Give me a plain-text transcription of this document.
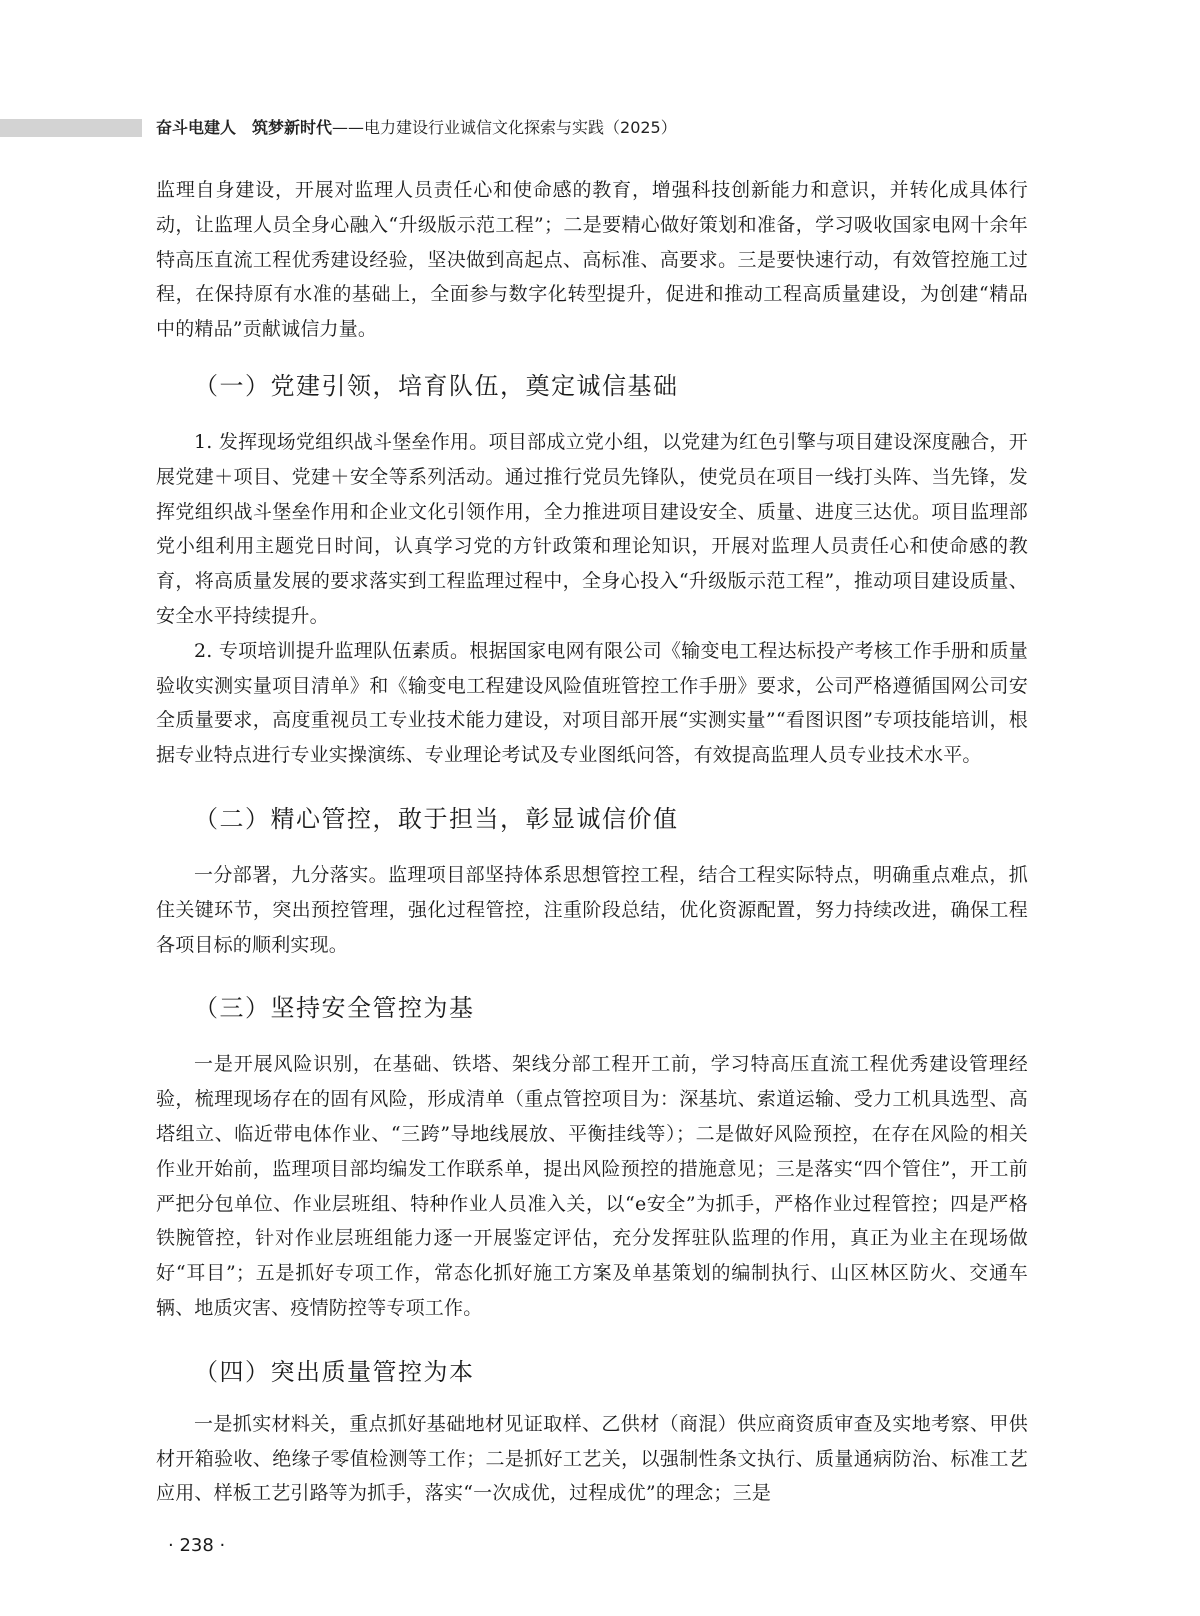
奋斗电建人　筑梦新时代——电力建设行业诚信文化探索与实践（2025）

监理自身建设，开展对监理人员责任心和使命感的教育，增强科技创新能力和意识，并转化成具体行动，让监理人员全身心融入“升级版示范工程”；二是要精心做好策划和准备，学习吸收国家电网十余年特高压直流工程优秀建设经验，坚决做到高起点、高标准、高要求。三是要快速行动，有效管控施工过程，在保持原有水准的基础上，全面参与数字化转型提升，促进和推动工程高质量建设，为创建“精品中的精品”贡献诚信力量。

（一）党建引领，培育队伍，奠定诚信基础

1. 发挥现场党组织战斗堡垒作用。项目部成立党小组，以党建为红色引擎与项目建设深度融合，开展党建＋项目、党建＋安全等系列活动。通过推行党员先锋队，使党员在项目一线打头阵、当先锋，发挥党组织战斗堡垒作用和企业文化引领作用，全力推进项目建设安全、质量、进度三达优。项目监理部党小组利用主题党日时间，认真学习党的方针政策和理论知识，开展对监理人员责任心和使命感的教育，将高质量发展的要求落实到工程监理过程中，全身心投入“升级版示范工程”，推动项目建设质量、安全水平持续提升。

2. 专项培训提升监理队伍素质。根据国家电网有限公司《输变电工程达标投产考核工作手册和质量验收实测实量项目清单》和《输变电工程建设风险值班管控工作手册》要求，公司严格遵循国网公司安全质量要求，高度重视员工专业技术能力建设，对项目部开展“实测实量”“看图识图”专项技能培训，根据专业特点进行专业实操演练、专业理论考试及专业图纸问答，有效提高监理人员专业技术水平。

（二）精心管控，敢于担当，彰显诚信价值

一分部署，九分落实。监理项目部坚持体系思想管控工程，结合工程实际特点，明确重点难点，抓住关键环节，突出预控管理，强化过程管控，注重阶段总结，优化资源配置，努力持续改进，确保工程各项目标的顺利实现。

（三）坚持安全管控为基

一是开展风险识别，在基础、铁塔、架线分部工程开工前，学习特高压直流工程优秀建设管理经验，梳理现场存在的固有风险，形成清单（重点管控项目为：深基坑、索道运输、受力工机具选型、高塔组立、临近带电体作业、“三跨”导地线展放、平衡挂线等）；二是做好风险预控，在存在风险的相关作业开始前，监理项目部均编发工作联系单，提出风险预控的措施意见；三是落实“四个管住”，开工前严把分包单位、作业层班组、特种作业人员准入关，以“e安全”为抓手，严格作业过程管控；四是严格铁腕管控，针对作业层班组能力逐一开展鉴定评估，充分发挥驻队监理的作用，真正为业主在现场做好“耳目”；五是抓好专项工作，常态化抓好施工方案及单基策划的编制执行、山区林区防火、交通车辆、地质灾害、疫情防控等专项工作。

（四）突出质量管控为本

一是抓实材料关，重点抓好基础地材见证取样、乙供材（商混）供应商资质审查及实地考察、甲供材开箱验收、绝缘子零值检测等工作；二是抓好工艺关，以强制性条文执行、质量通病防治、标准工艺应用、样板工艺引路等为抓手，落实“一次成优，过程成优”的理念；三是

· 238 ·
